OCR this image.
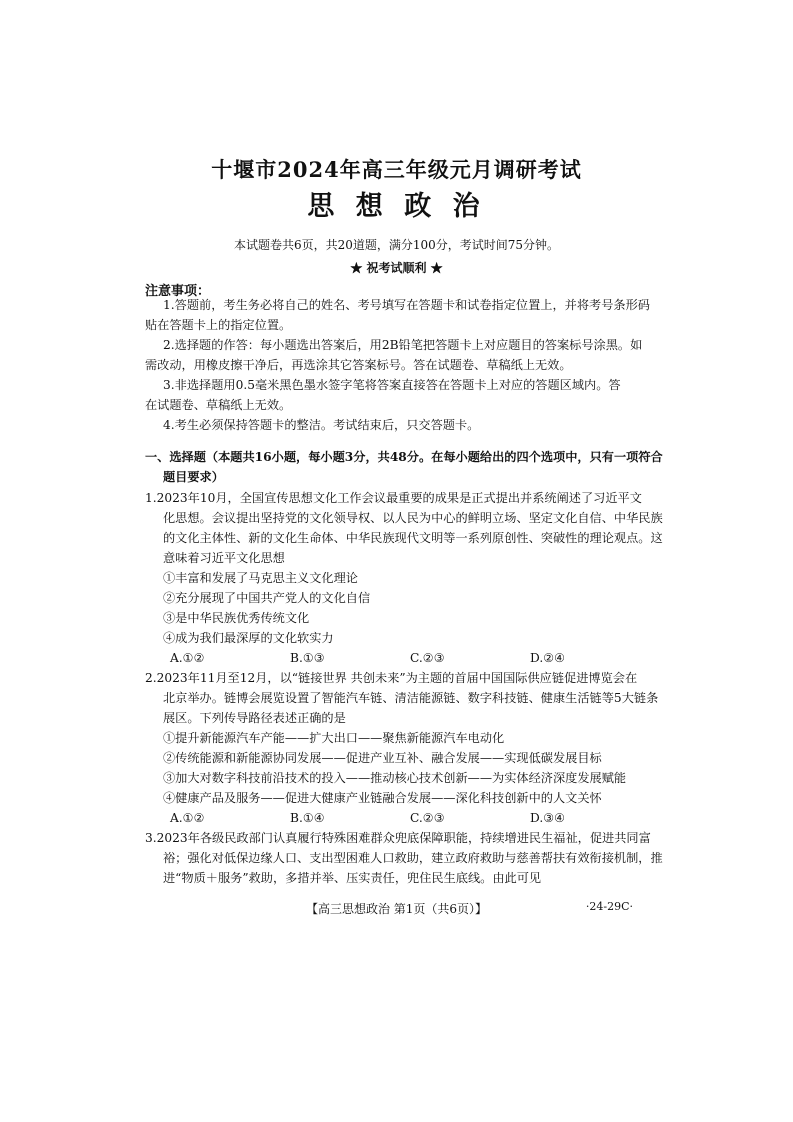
十堰市2024年高三年级元月调研考试
思 想 政 治
本试题卷共6页，共20道题，满分100分，考试时间75分钟。
★ 祝考试顺利 ★
注意事项：
1.答题前，考生务必将自己的姓名、考号填写在答题卡和试卷指定位置上，并将考号条形码
贴在答题卡上的指定位置。
2.选择题的作答：每小题选出答案后，用2B铅笔把答题卡上对应题目的答案标号涂黑。如
需改动，用橡皮擦干净后，再选涂其它答案标号。答在试题卷、草稿纸上无效。
3.非选择题用0.5毫米黑色墨水签字笔将答案直接答在答题卡上对应的答题区域内。答
在试题卷、草稿纸上无效。
4.考生必须保持答题卡的整洁。考试结束后，只交答题卡。
一、选择题（本题共16小题，每小题3分，共48分。在每小题给出的四个选项中，只有一项符合
题目要求）
1.2023年10月，全国宣传思想文化工作会议最重要的成果是正式提出并系统阐述了习近平文
化思想。会议提出坚持党的文化领导权、以人民为中心的鲜明立场、坚定文化自信、中华民族
的文化主体性、新的文化生命体、中华民族现代文明等一系列原创性、突破性的理论观点。这
意味着习近平文化思想
①丰富和发展了马克思主义文化理论
②充分展现了中国共产党人的文化自信
③是中华民族优秀传统文化
④成为我们最深厚的文化软实力
A.①②	B.①③	C.②③	D.②④
2.2023年11月至12月，以“链接世界 共创未来”为主题的首届中国国际供应链促进博览会在
北京举办。链博会展览设置了智能汽车链、清洁能源链、数字科技链、健康生活链等5大链条
展区。下列传导路径表述正确的是
①提升新能源汽车产能——扩大出口——聚焦新能源汽车电动化
②传统能源和新能源协同发展——促进产业互补、融合发展——实现低碳发展目标
③加大对数字科技前沿技术的投入——推动核心技术创新——为实体经济深度发展赋能
④健康产品及服务——促进大健康产业链融合发展——深化科技创新中的人文关怀
A.①②	B.①④	C.②③	D.③④
3.2023年各级民政部门认真履行特殊困难群众兜底保障职能，持续增进民生福祉，促进共同富
裕；强化对低保边缘人口、支出型困难人口救助，建立政府救助与慈善帮扶有效衔接机制，推
进“物质＋服务”救助，多措并举、压实责任，兜住民生底线。由此可见
【高三思想政治 第1页（共6页）】	·24-29C·
